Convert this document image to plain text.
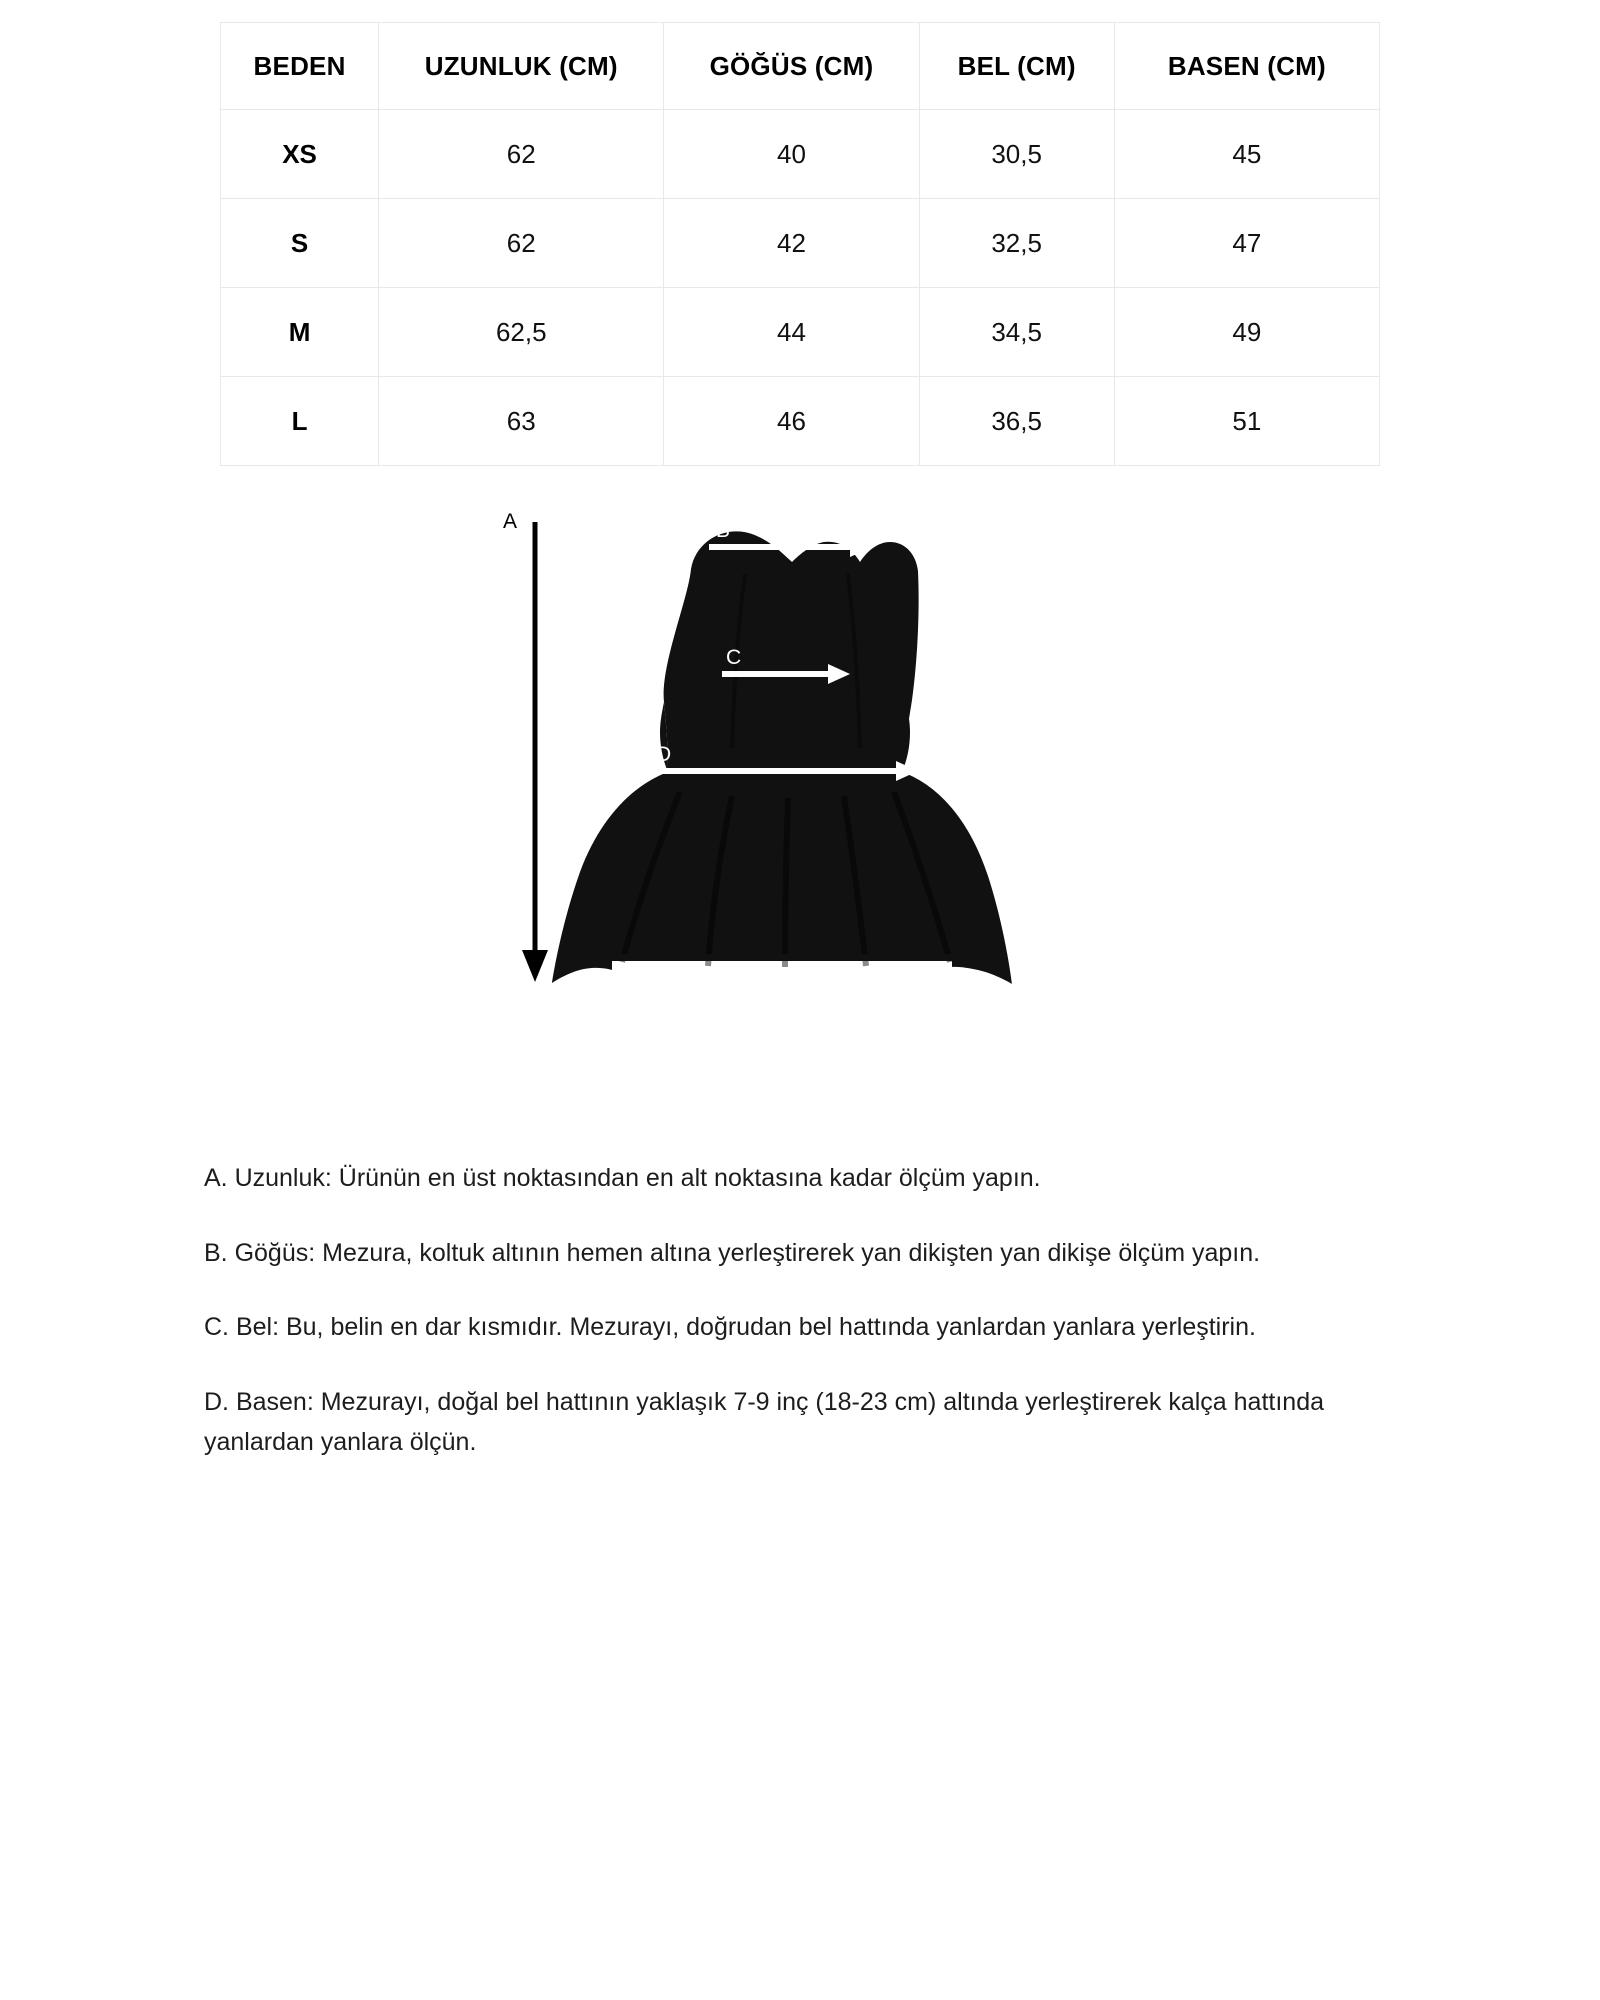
BEDEN	UZUNLUK (CM)	GÖĞÜS (CM)	BEL (CM)	BASEN (CM)
XS	62	40	30,5	45
S	62	42	32,5	47
M	62,5	44	34,5	49
L	63	46	36,5	51
A	B
C
D

A. Uzunluk: Ürünün en üst noktasından en alt noktasına kadar ölçüm yapın.

B. Göğüs: Mezura, koltuk altının hemen altına yerleştirerek yan dikişten yan dikişe ölçüm yapın.

C. Bel: Bu, belin en dar kısmıdır. Mezurayı, doğrudan bel hattında yanlardan yanlara yerleştirin.

D. Basen: Mezurayı, doğal bel hattının yaklaşık 7-9 inç (18-23 cm) altında yerleştirerek kalça hattında yanlardan yanlara ölçün.
